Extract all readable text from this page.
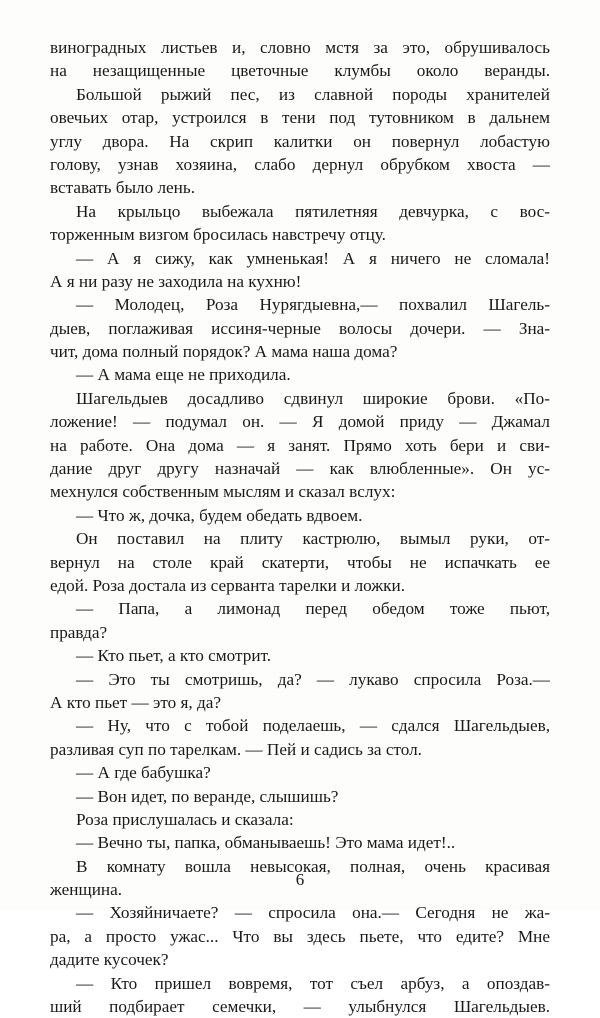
виноградных листьев и, словно мстя за это, обрушивалось
на незащищенные цветочные клумбы около веранды.
Большой рыжий пес, из славной породы хранителей
овечьих отар, устроился в тени под тутовником в дальнем
углу двора. На скрип калитки он повернул лобастую
голову, узнав хозяина, слабо дернул обрубком хвоста —
вставать было лень.
На крыльцо выбежала пятилетняя девчурка, с вос-
торженным визгом бросилась навстречу отцу.
— А я сижу, как умненькая! А я ничего не сломала!
А я ни разу не заходила на кухню!
— Молодец, Роза Нурягдыевна,— похвалил Шагель-
дыев, поглаживая иссиня-черные волосы дочери. — Зна-
чит, дома полный порядок? А мама наша дома?
— А мама еще не приходила.
Шагельдыев досадливо сдвинул широкие брови. «По-
ложение! — подумал он. — Я домой приду — Джамал
на работе. Она дома — я занят. Прямо хоть бери и сви-
дание друг другу назначай — как влюбленные». Он ус-
мехнулся собственным мыслям и сказал вслух:
— Что ж, дочка, будем обедать вдвоем.
Он поставил на плиту кастрюлю, вымыл руки, от-
вернул на столе край скатерти, чтобы не испачкать ее
едой. Роза достала из серванта тарелки и ложки.
— Папа, а лимонад перед обедом тоже пьют,
правда?
— Кто пьет, а кто смотрит.
— Это ты смотришь, да? — лукаво спросила Роза.—
А кто пьет — это я, да?
— Ну, что с тобой поделаешь, — сдался Шагельдыев,
разливая суп по тарелкам. — Пей и садись за стол.
— А где бабушка?
— Вон идет, по веранде, слышишь?
Роза прислушалась и сказала:
— Вечно ты, папка, обманываешь! Это мама идет!..
В комнату вошла невысокая, полная, очень красивая
женщина.
— Хозяйничаете? — спросила она.— Сегодня не жа-
ра, а просто ужас... Что вы здесь пьете, что едите? Мне
дадите кусочек?
— Кто пришел вовремя, тот съел арбуз, а опоздав-
ший подбирает семечки, — улыбнулся Шагельдыев.
6
